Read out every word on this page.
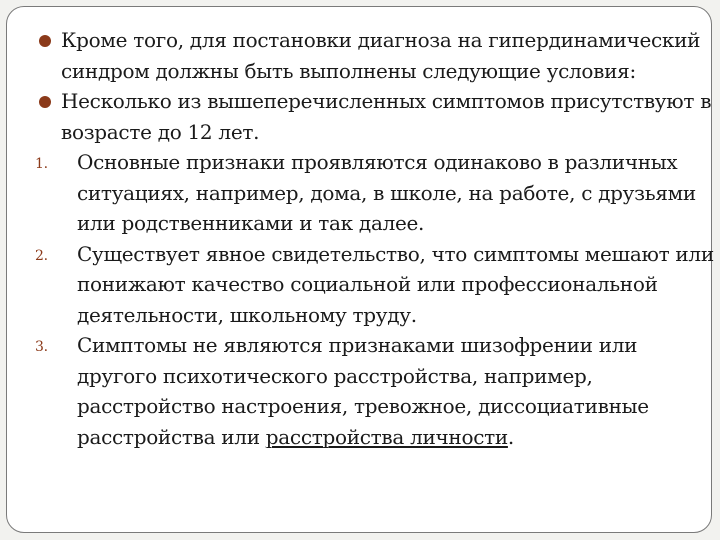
Кроме того, для постановки диагноза на гипердинамический синдром должны быть выполнены следующие условия:

Несколько из вышеперечисленных симптомов присутствуют в возрасте до 12 лет.

1. Основные признаки проявляются одинаково в различных ситуациях, например, дома, в школе, на работе, с друзьями или родственниками и так далее.

2. Существует явное свидетельство, что симптомы мешают или понижают качество социальной или профессиональной деятельности, школьному труду.

3. Симптомы не являются признаками шизофрении или другого психотического расстройства, например, расстройство настроения, тревожное, диссоциативные расстройства или расстройства личности.
